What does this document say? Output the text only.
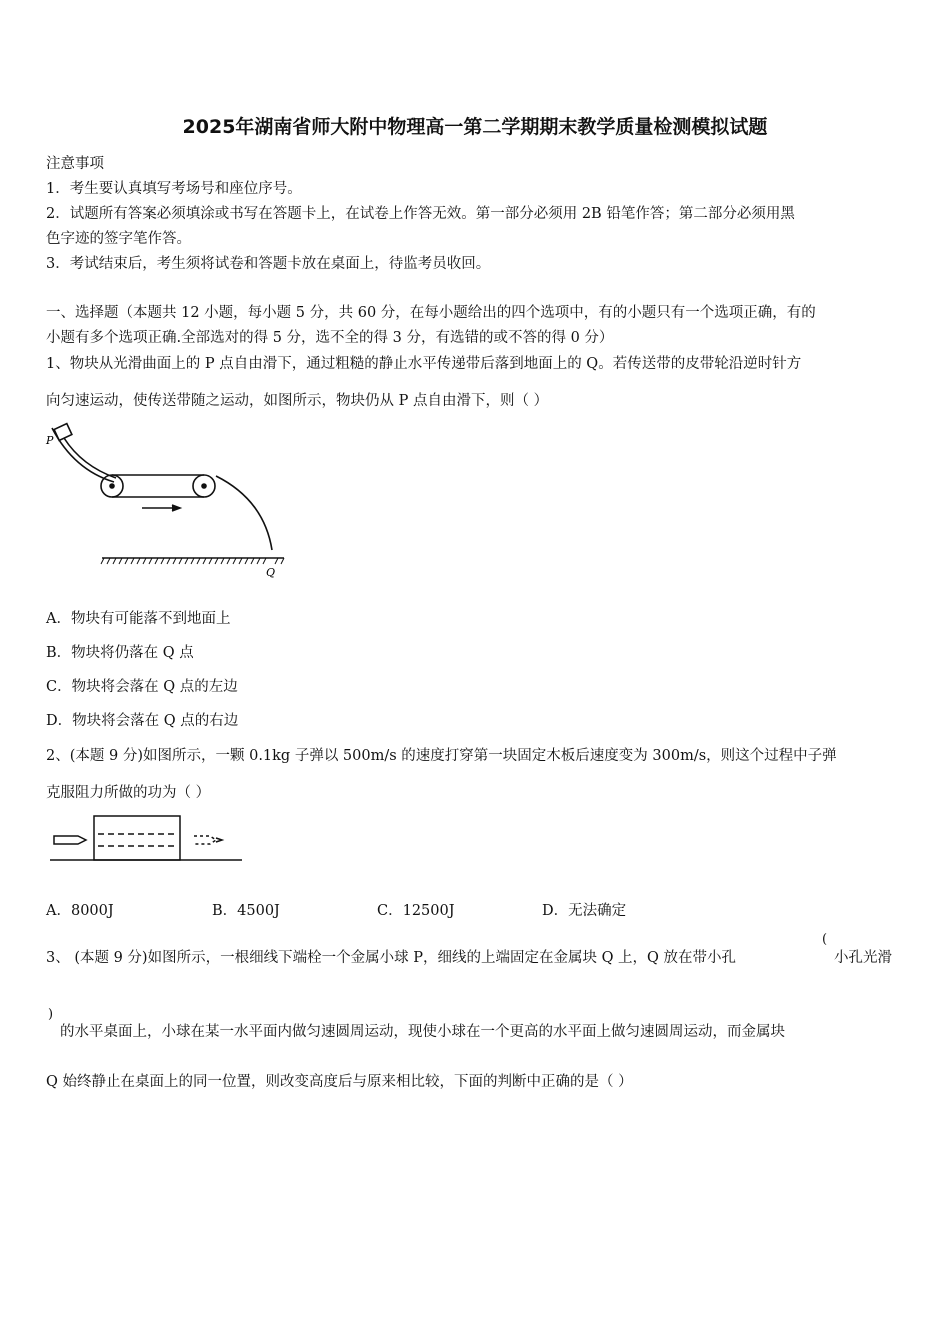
2025年湖南省师大附中物理高一第二学期期末教学质量检测模拟试题
注意事项
1．考生要认真填写考场号和座位序号。
2．试题所有答案必须填涂或书写在答题卡上，在试卷上作答无效。第一部分必须用 2B 铅笔作答；第二部分必须用黑
色字迹的签字笔作答。
3．考试结束后，考生须将试卷和答题卡放在桌面上，待监考员收回。
一、选择题（本题共 12 小题，每小题 5 分，共 60 分，在每小题给出的四个选项中，有的小题只有一个选项正确，有的
小题有多个选项正确.全部选对的得 5 分，选不全的得 3 分，有选错的或不答的得 0 分）
1、物块从光滑曲面上的 P 点自由滑下，通过粗糙的静止水平传递带后落到地面上的 Q。若传送带的皮带轮沿逆时针方
向匀速运动，使传送带随之运动，如图所示，物块仍从 P 点自由滑下，则（ ）
P
Q
A．物块有可能落不到地面上
B．物块将仍落在 Q 点
C．物块将会落在 Q 点的左边
D．物块将会落在 Q 点的右边
2、(本题 9 分)如图所示，一颗 0.1kg 子弹以 500m/s 的速度打穿第一块固定木板后速度变为 300m/s，则这个过程中子弹
克服阻力所做的功为（ ）
A．8000J	B．4500J	C．12500J	D．无法确定
3、 (本题 9 分)如图所示，一根细线下端栓一个金属小球 P，细线的上端固定在金属块 Q 上，Q 放在带小孔
(
小孔光滑
)
的水平桌面上，小球在某一水平面内做匀速圆周运动，现使小球在一个更高的水平面上做匀速圆周运动，而金属块
Q 始终静止在桌面上的同一位置，则改变高度后与原来相比较，下面的判断中正确的是（ ）
